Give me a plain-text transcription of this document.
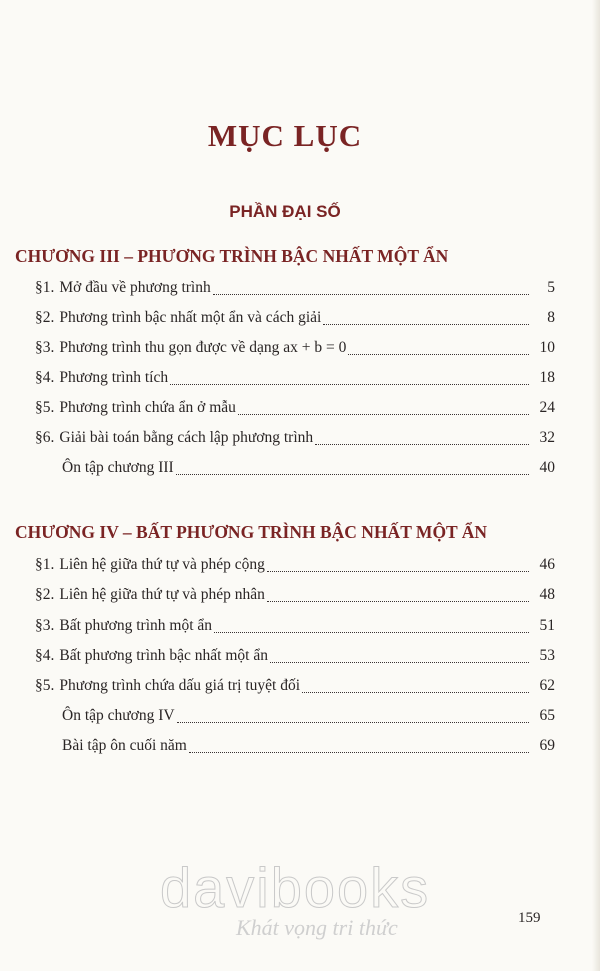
MỤC LỤC
PHẦN ĐẠI SỐ
CHƯƠNG III – PHƯƠNG TRÌNH BẬC NHẤT MỘT ẨN
§1. Mở đầu về phương trình	5
§2. Phương trình bậc nhất một ẩn và cách giải	8
§3. Phương trình thu gọn được về dạng ax + b = 0	10
§4. Phương trình tích	18
§5. Phương trình chứa ẩn ở mẫu	24
§6. Giải bài toán bằng cách lập phương trình	32
Ôn tập chương III	40
CHƯƠNG IV – BẤT PHƯƠNG TRÌNH BẬC NHẤT MỘT ẨN
§1. Liên hệ giữa thứ tự và phép cộng	46
§2. Liên hệ giữa thứ tự và phép nhân	48
§3. Bất phương trình một ẩn	51
§4. Bất phương trình bậc nhất một ẩn	53
§5. Phương trình chứa dấu giá trị tuyệt đối	62
Ôn tập chương IV	65
Bài tập ôn cuối năm	69
davibooks
Khát vọng tri thức	159
